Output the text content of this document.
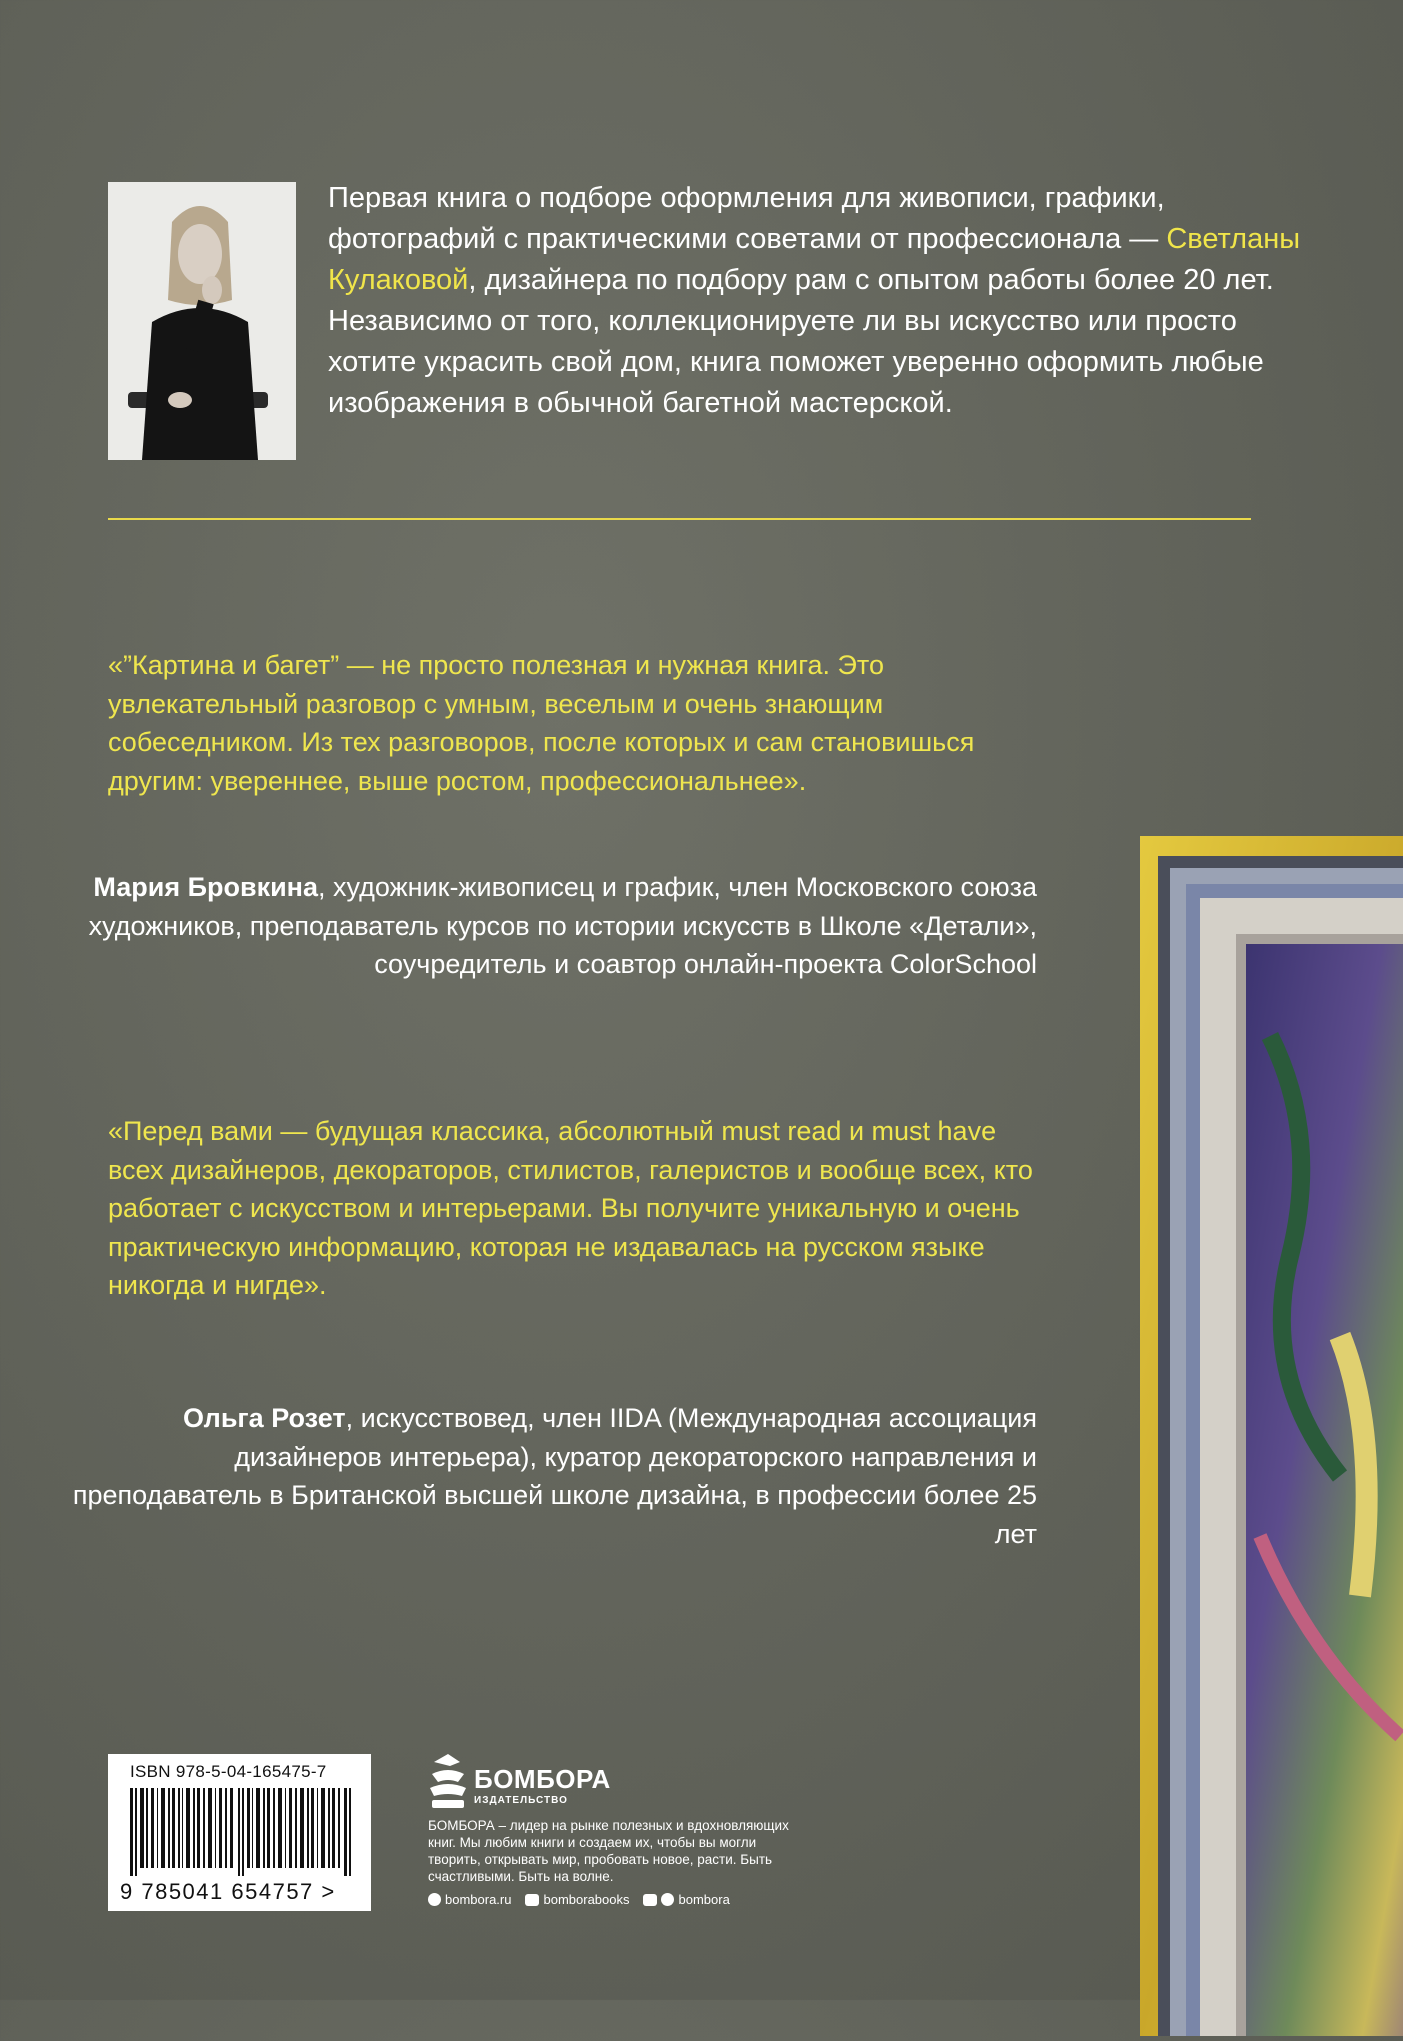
Первая книга о подборе оформления для живописи, графики, фотографий с практическими советами от профессионала — Светланы Кулаковой, дизайнера по подбору рам с опытом работы более 20 лет. Независимо от того, коллекционируете ли вы искусство или просто хотите украсить свой дом, книга поможет уверенно оформить любые изображения в обычной багетной мастерской.
«”Картина и багет” — не просто полезная и нужная книга. Это увлекательный разговор с умным, веселым и очень знающим собеседником. Из тех разговоров, после которых и сам становишься другим: увереннее, выше ростом, профессиональнее».
Мария Бровкина, художник-живописец и график, член Московского союза художников, преподаватель курсов по истории искусств в Школе «Детали», соучредитель и соавтор онлайн-проекта ColorSchool
«Перед вами — будущая классика, абсолютный must read и must have всех дизайнеров, декораторов, стилистов, галеристов и вообще всех, кто работает с искусством и интерьерами. Вы получите уникальную и очень практическую информацию, которая не издавалась на русском языке никогда и нигде».
Ольга Розет, искусствовед, член IIDA (Международная ассоциация дизайнеров интерьера), куратор декораторского направления и преподаватель в Британской высшей школе дизайна, в профессии более 25 лет
ISBN 978-5-04-165475-7
9 785041 654757 >
БОМБОРА
ИЗДАТЕЛЬСТВО
БОМБОРА – лидер на рынке полезных и вдохновляющих книг. Мы любим книги и создаем их, чтобы вы могли творить, открывать мир, пробовать новое, расти. Быть счастливыми. Быть на волне.
bombora.ru bomborabooks	bombora
